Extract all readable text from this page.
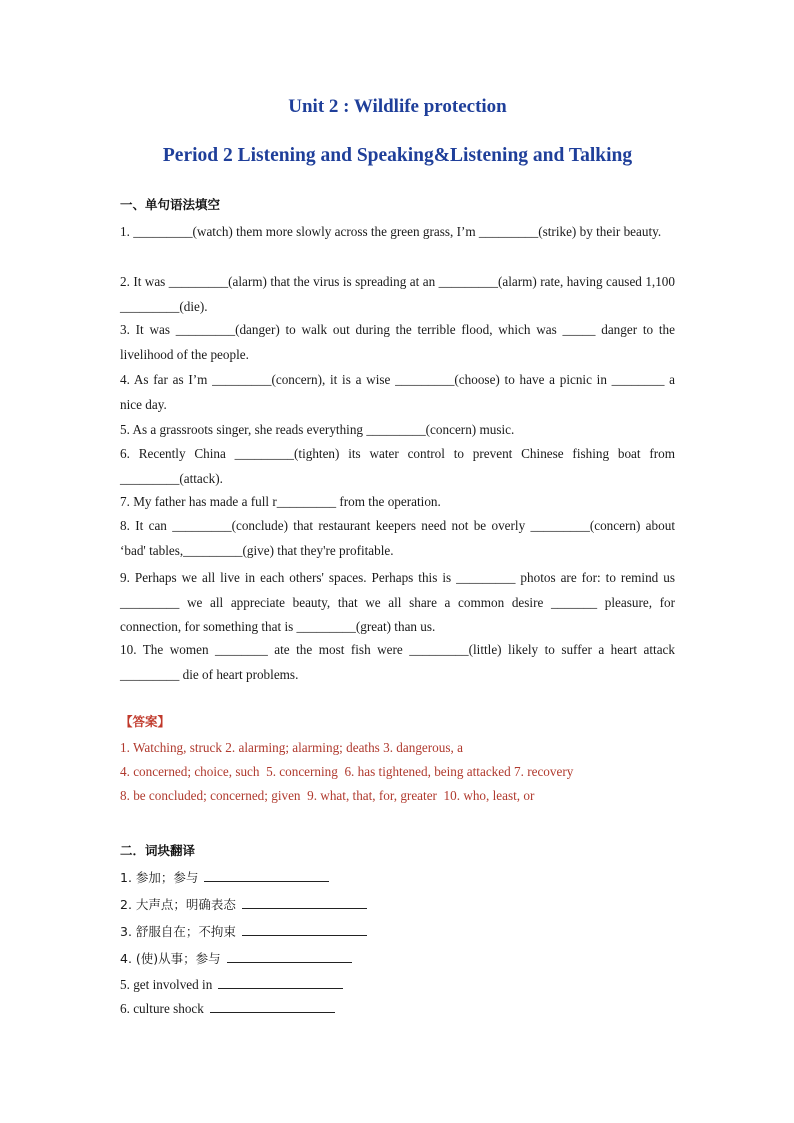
Unit 2 : Wildlife protection
Period 2 Listening and Speaking&Listening and Talking
一、单句语法填空
1. _________(watch) them more slowly across the green grass, I’m _________(strike) by their beauty.
2. It was _________(alarm) that the virus is spreading at an _________(alarm) rate, having caused 1,100 _________(die).
3. It was _________(danger) to walk out during the terrible flood, which was _____ danger to the livelihood of the people.
4. As far as I’m _________(concern), it is a wise _________(choose) to have a picnic in ________ a nice day.
5. As a grassroots singer, she reads everything _________(concern) music.
6. Recently China _________(tighten) its water control to prevent Chinese fishing boat from _________(attack).
7. My father has made a full r_________ from the operation.
8. It can _________(conclude) that restaurant keepers need not be overly _________(concern) about  ‘bad' tables,_________(give) that they're profitable.
9. Perhaps we all live in each others' spaces. Perhaps this is _________ photos are for: to remind us _________ we all appreciate beauty, that we all share a common desire _______ pleasure, for connection, for something that is _________(great) than us.
10. The women ________ ate the most fish were _________(little) likely to suffer a heart attack _________ die of heart problems.
【答案】
1. Watching, struck 2. alarming; alarming; deaths 3. dangerous, a
4. concerned; choice, such  5. concerning  6. has tightened, being attacked 7. recovery
8. be concluded; concerned; given  9. what, that, for, greater  10. who, least, or
二．词块翻译
1. 参加；参与
2. 大声点；明确表态
3. 舒服自在；不拘束
4. (使)从事；参与
5. get involved in
6. culture shock
